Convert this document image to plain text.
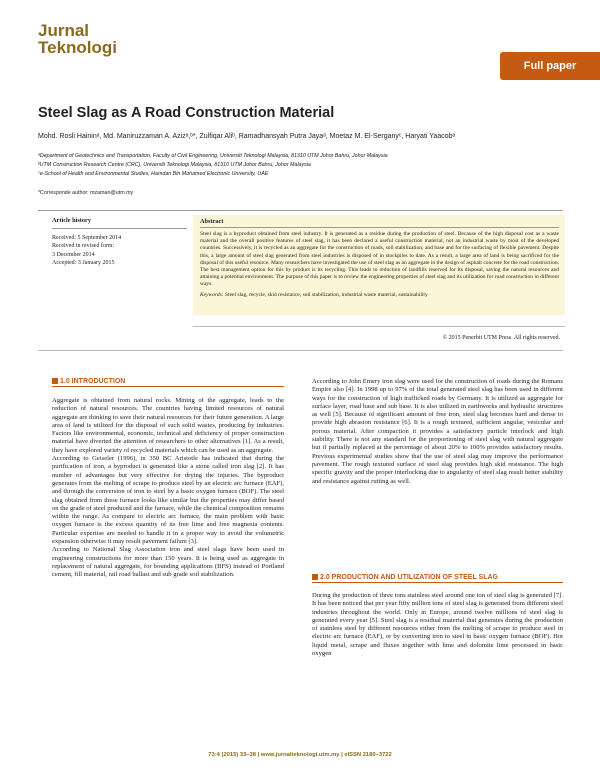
Jurnal
Teknologi
Full paper
Steel Slag as A Road Construction Material
Mohd. Rosli Haininᵃ, Md. Maniruzzaman A. Azizᵃ,ᵇ*, Zulfiqar Aliᵇ, Ramadhansyah Putra Jayaᵃ, Moetaz M. El-Serganyᶜ, Haryati Yaacobᵃ
ᵃDepartment of Geotechnics and Transportation, Faculty of Civil Engineering, Universiti Teknologi Malaysia, 81310 UTM Johor Bahru, Johor Malaysia
ᵇUTM Construction Research Centre (CRC), Universiti Teknologi Malaysia, 81310 UTM Johor Bahru, Johor Malaysia
ᶜe-School of Health and Environmental Studies, Hamdan Bin Mohamed Electronic University, UAE
*Corresponde author: mzaman@utm.my
Article history
Received: 5 September 2014
Received in revised form:
3 December 2014
Accepted: 3 January 2015
Abstract
Steel slag is a byproduct obtained from steel industry. It is generated as a residue during the production of steel. Because of the high disposal cost as a waste material and the overall positive features of steel slag, it has been declared a useful construction material, not an industrial waste by most of the developed countries. Successively, it is recycled as an aggregate for the construction of roads, soil stabilization, and base and for the surfacing of flexible pavement. Despite this, a large amount of steel slag generated from steel industries is disposed of in stockpiles to date. As a result, a large area of land is being sacrificed for the disposal of this useful resource. Many researchers have investigated the use of steel slag as an aggregate in the design of asphalt concrete for the road construction. The best management option for this by product is its recycling. This leads to reduction of landfills reserved for its disposal, saving the natural resources and attaining a potential environment. The purpose of this paper is to review the engineering properties of steel slag and its utilization for road construction in different ways.
Keywords: Steel slag, recycle, skid resistance, soil stabilization, industrial waste material, sustainability
© 2015 Penerbit UTM Press. All rights reserved.
1.0 INTRODUCTION

Aggregate is obtained from natural rocks. Mining of the aggregate, leads to the reduction of natural resources. The countries having limited resources of natural aggregate are thinking to save their natural resources for their future generation. A large area of land is utilized for the disposal of such solid wastes, producing by industries. Factors like environmental, economic, technical and deficiency of proper construction material have diverted the attention of researchers to other alternatives [1]. As a result, they have explored variety of recycled materials which can be used as an aggregate.

According to Geiseler (1996), in 350 BC Aristotle has indicated that during the purification of iron, a byproduct is generated like a stone called iron slag [2]. It has number of advantages but very effective for drying the injuries. The byproduct generates from the melting of scrape to produce steel by an electric arc furnace (EAF), and through the conversion of iron to steel by a basic oxygen furnace (BOF). The steel slag obtained from these furnace looks like similar but the properties may differ based on the grade of steel produced and the furnace, while the chemical composition remains within the range. As compare to electric arc furnace, the main problem with basic oxygen furnace is the excess quantity of its free lime and free magnesia contents. Particular expertise are needed to handle it in a proper way to avoid the volumetric expansion otherwise it may result pavement failure [3].

According to National Slag Association iron and steel slags have been used in engineering constructions for more than 150 years. It is being used as aggregate in replacement of natural aggregate, for bounding applications (BFS) instead of Portland cement, fill material, rail road ballast and sub grade soil stabilization.

According to John Emery iron slag were used for the construction of roads during the Romans Empire also [4]. In 1998 up to 97% of the total generated steel slag has been used in different ways for the construction of high trafficked roads by Germany. It is utilized as aggregate for surface layer, road base and sub base. It is also utilized in earthworks and hydraulic structures as well [5]. Because of significant amount of free iron, steel slag becomes hard and dense to provide high abrasion resistance [6]. It is a rough textured, sufficient angular, vesicular and porous material. After compaction it provides a satisfactory particle interlock and high stability. There is not any standard for the proportioning of steel slag with natural aggregate but if partially replaced at the percentage of about 20% to 100% provides satisfactory results. Previous experimental studies show that the use of steel slag may improve the performance pavement. The rough textured surface of steel slag provides high skid resistance. The high specific gravity and the proper interlocking due to angularity of steel slag result better stability and resistance against rutting as well.

2.0 PRODUCTION AND UTILIZATION OF STEEL SLAG

During the production of three tons stainless steel around one ton of steel slag is generated [7]. It has been noticed that per year fifty million tons of steel slag is generated from different steel industries throughout the world. Only in Europe, around twelve millions of steel slag is generated every year [5]. Steel slag is a residual material that generates during the production of stainless steel by different resources either from the melting of scrape to produce steel in electric arc furnace (EAF), or by converting iron to steel in basic oxygen furnace (BOF). Hot liquid metal, scrape and fluxes together with lime and dolomite lime processed in basic oxygen

73:4 (2015) 33–38 | www.jurnalteknologi.utm.my | eISSN 2180–3722
